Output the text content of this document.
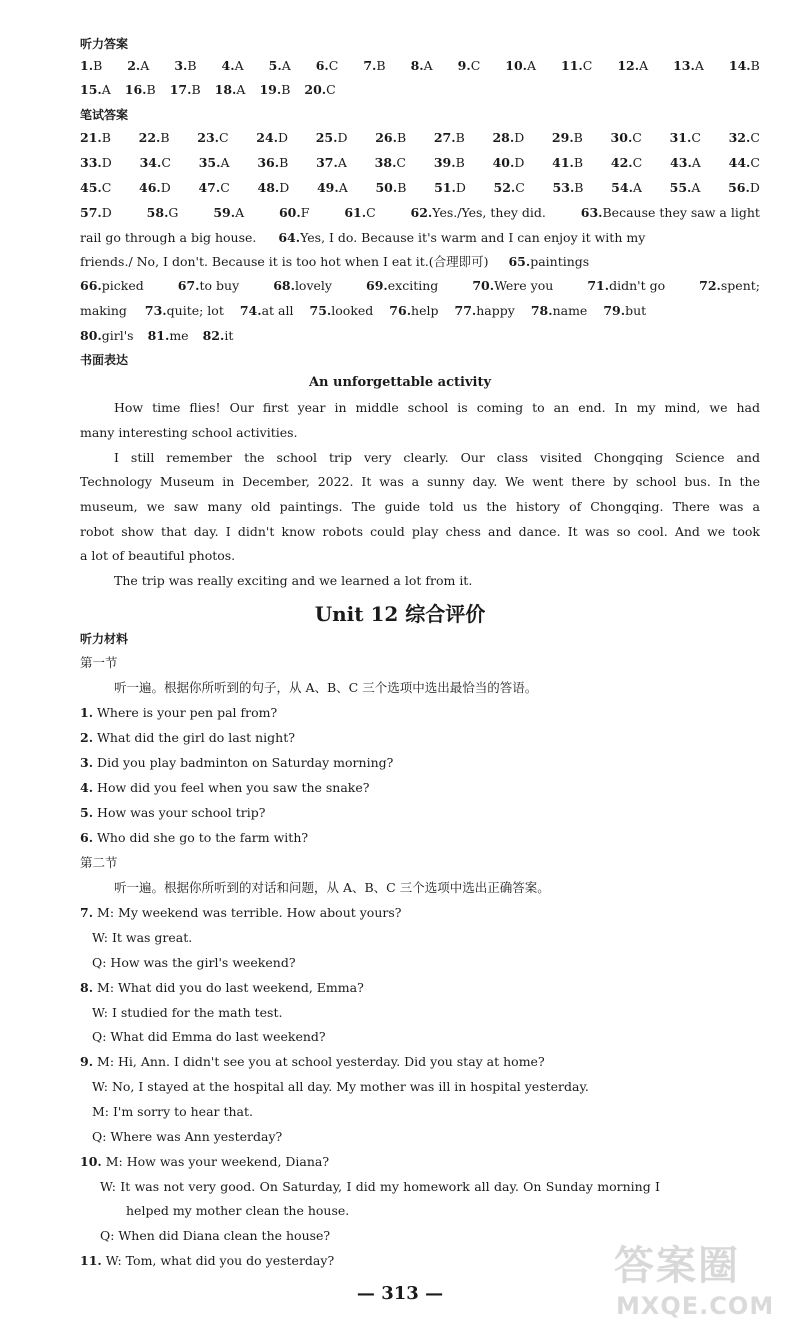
听力答案
1.B 2.A 3.B 4.A 5.A 6.C 7.B 8.A 9.C 10.A 11.C 12.A 13.A 14.B
15.A 16.B 17.B 18.A 19.B 20.C
笔试答案
21.B 22.B 23.C 24.D 25.D 26.B 27.B 28.D 29.B 30.C 31.C 32.C
33.D 34.C 35.A 36.B 37.A 38.C 39.B 40.D 41.B 42.C 43.A 44.C
45.C 46.D 47.C 48.D 49.A 50.B 51.D 52.C 53.B 54.A 55.A 56.D
57.D	58.G	59.A	60.F	61.C	62.Yes./Yes, they did.	63.Because they saw a light
rail go through a big house. 64.Yes, I do. Because it's warm and I can enjoy it with my
friends./ No, I don't. Because it is too hot when I eat it.(合理即可) 65.paintings
66.picked	67.to buy	68.lovely	69.exciting	70.Were you	71.didn't go	72.spent;
making 73.quite; lot 74.at all 75.looked 76.help 77.happy 78.name 79.but
80.girl's 81.me 82.it
书面表达
An unforgettable activity
How time flies! Our first year in middle school is coming to an end. In my mind, we had
many interesting school activities.
I still remember the school trip very clearly. Our class visited Chongqing Science and
Technology Museum in December, 2022. It was a sunny day. We went there by school bus. In the
museum, we saw many old paintings. The guide told us the history of Chongqing. There was a
robot show that day. I didn't know robots could play chess and dance. It was so cool. And we took
a lot of beautiful photos.
The trip was really exciting and we learned a lot from it.
Unit 12 综合评价
听力材料
第一节
听一遍。根据你所听到的句子，从 A、B、C 三个选项中选出最恰当的答语。
1. Where is your pen pal from?
2. What did the girl do last night?
3. Did you play badminton on Saturday morning?
4. How did you feel when you saw the snake?
5. How was your school trip?
6. Who did she go to the farm with?
第二节
听一遍。根据你所听到的对话和问题，从 A、B、C 三个选项中选出正确答案。
7. M: My weekend was terrible. How about yours?
W: It was great.
Q: How was the girl's weekend?
8. M: What did you do last weekend, Emma?
W: I studied for the math test.
Q: What did Emma do last weekend?
9. M: Hi, Ann. I didn't see you at school yesterday. Did you stay at home?
W: No, I stayed at the hospital all day. My mother was ill in hospital yesterday.
M: I'm sorry to hear that.
Q: Where was Ann yesterday?
10. M: How was your weekend, Diana?
W: It was not very good. On Saturday, I did my homework all day. On Sunday morning I
helped my mother clean the house.
Q: When did Diana clean the house?
11. W: Tom, what did you do yesterday?
— 313 —
答案圈
MXQE.COM
